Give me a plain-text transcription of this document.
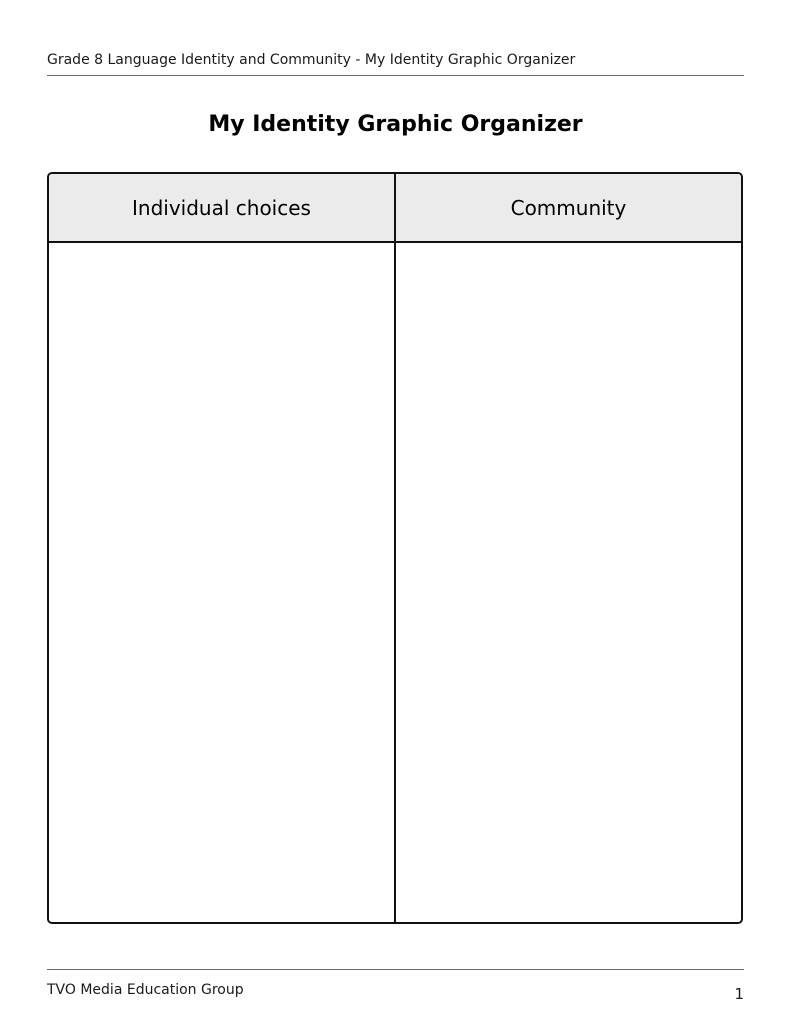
Grade 8 Language Identity and Community - My Identity Graphic Organizer
My Identity Graphic Organizer
Individual choices	Community
TVO Media Education Group	1
